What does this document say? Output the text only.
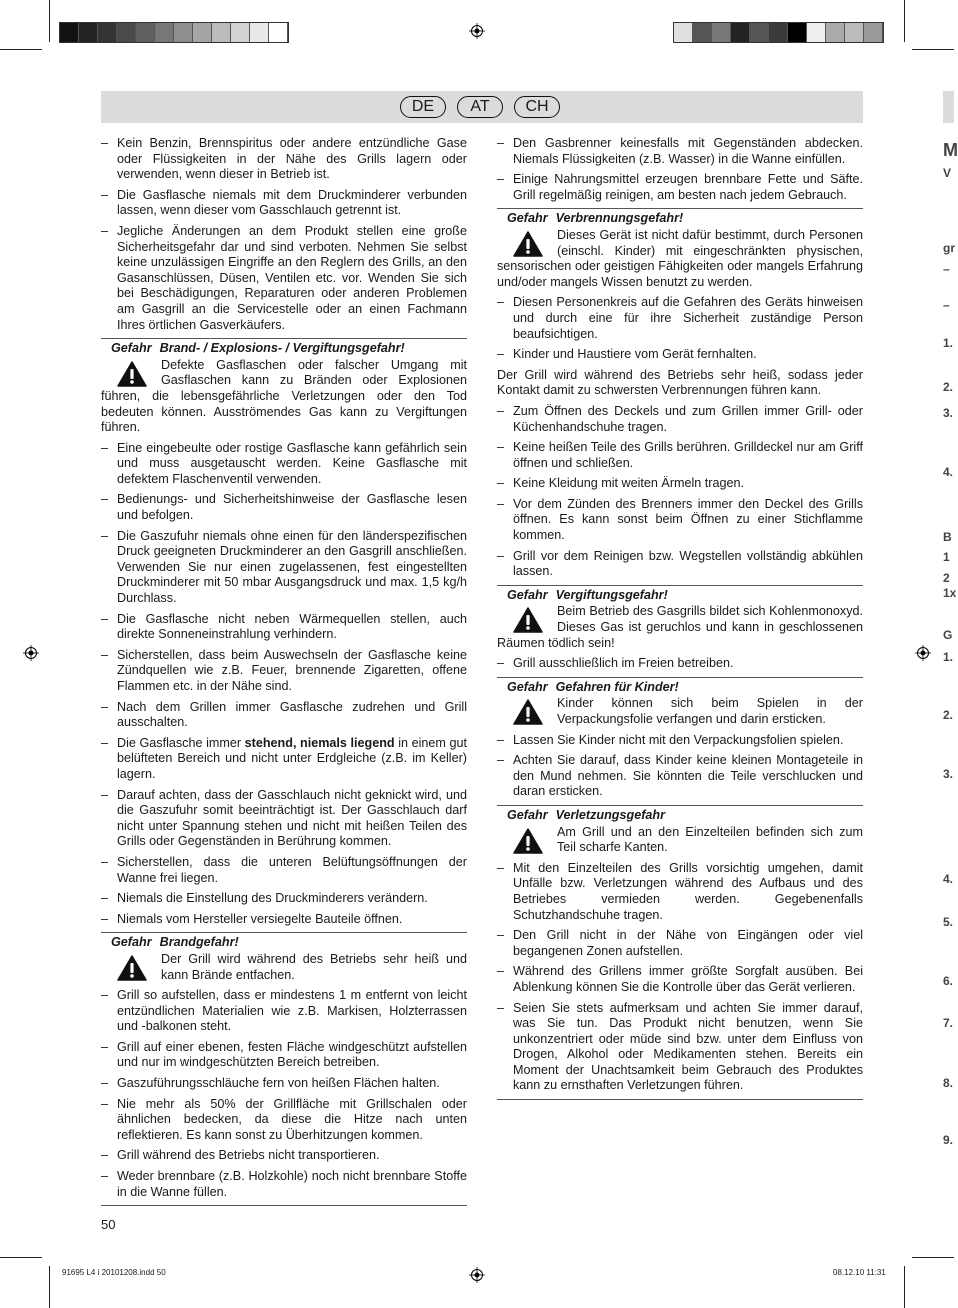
DE	AT	CH
– Kein Benzin, Brennspiritus oder andere entzündliche Gase oder Flüssigkeiten in der Nähe des Grills lagern oder verwenden, wenn dieser in Betrieb ist.
– Die Gasflasche niemals mit dem Druckminderer verbunden lassen, wenn dieser vom Gasschlauch getrennt ist.
– Jegliche Änderungen an dem Produkt stellen eine große Sicherheitsgefahr dar und sind verboten. Nehmen Sie selbst keine unzulässigen Eingriffe an den Reglern des Grills, an den Gasanschlüssen, Düsen, Ventilen etc. vor. Wenden Sie sich bei Beschädigungen, Reparaturen oder anderen Problemen am Gasgrill an die Servicestelle oder an einen Fachmann Ihres örtlichen Gasverkäufers.
Gefahr Brand- / Explosions- / Vergiftungsgefahr!
Defekte Gasflaschen oder falscher Umgang mit Gasflaschen kann zu Bränden oder Explosionen führen, die lebensgefährliche Verletzungen oder den Tod bedeuten können. Ausströmendes Gas kann zu Vergiftungen führen.
– Eine eingebeulte oder rostige Gasflasche kann gefährlich sein und muss ausgetauscht werden. Keine Gasflasche mit defektem Flaschenventil verwenden.
– Bedienungs- und Sicherheitshinweise der Gasflasche lesen und befolgen.
– Die Gaszufuhr niemals ohne einen für den länderspezifischen Druck geeigneten Druckminderer an den Gasgrill anschließen. Verwenden Sie nur einen zugelassenen, fest eingestellten Druckminderer mit 50 mbar Ausgangsdruck und max. 1,5 kg/h Durchlass.
– Die Gasflasche nicht neben Wärmequellen stellen, auch direkte Sonneneinstrahlung verhindern.
– Sicherstellen, dass beim Auswechseln der Gasflasche keine Zündquellen wie z.B. Feuer, brennende Zigaretten, offene Flammen etc. in der Nähe sind.
– Nach dem Grillen immer Gasflasche zudrehen und Grill ausschalten.
– Die Gasflasche immer stehend, niemals liegend in einem gut belüfteten Bereich und nicht unter Erdgleiche (z.B. im Keller) lagern.
– Darauf achten, dass der Gasschlauch nicht geknickt wird, und die Gaszufuhr somit beeinträchtigt ist. Der Gasschlauch darf nicht unter Spannung stehen und nicht mit heißen Teilen des Grills oder Gegenständen in Berührung kommen.
– Sicherstellen, dass die unteren Belüftungsöffnungen der Wanne frei liegen.
– Niemals die Einstellung des Druckminderers verändern.
– Niemals vom Hersteller versiegelte Bauteile öffnen.
Gefahr Brandgefahr!
Der Grill wird während des Betriebs sehr heiß und kann Brände entfachen.
– Grill so aufstellen, dass er mindestens 1 m entfernt von leicht entzündlichen Materialien wie z.B. Markisen, Holzterrassen und -balkonen steht.
– Grill auf einer ebenen, festen Fläche windgeschützt aufstellen und nur im windgeschützten Bereich betreiben.
– Gaszuführungsschläuche fern von heißen Flächen halten.
– Nie mehr als 50% der Grillfläche mit Grillschalen oder ähnlichen bedecken, da diese die Hitze nach unten reflektieren. Es kann sonst zu Überhitzungen kommen.
– Grill während des Betriebs nicht transportieren.
– Weder brennbare (z.B. Holzkohle) noch nicht brennbare Stoffe in die Wanne füllen.
– Den Gasbrenner keinesfalls mit Gegenständen abdecken. Niemals Flüssigkeiten (z.B. Wasser) in die Wanne einfüllen.
– Einige Nahrungsmittel erzeugen brennbare Fette und Säfte. Grill regelmäßig reinigen, am besten nach jedem Gebrauch.
Gefahr Verbrennungsgefahr!
Dieses Gerät ist nicht dafür bestimmt, durch Personen (einschl. Kinder) mit eingeschränkten physischen, sensorischen oder geistigen Fähigkeiten oder mangels Erfahrung und/oder mangels Wissen benutzt zu werden.
– Diesen Personenkreis auf die Gefahren des Geräts hinweisen und durch eine für ihre Sicherheit zuständige Person beaufsichtigen.
– Kinder und Haustiere vom Gerät fernhalten.
Der Grill wird während des Betriebs sehr heiß, sodass jeder Kontakt damit zu schwersten Verbrennungen führen kann.
– Zum Öffnen des Deckels und zum Grillen immer Grill- oder Küchenhandschuhe tragen.
– Keine heißen Teile des Grills berühren. Grilldeckel nur am Griff öffnen und schließen.
– Keine Kleidung mit weiten Ärmeln tragen.
– Vor dem Zünden des Brenners immer den Deckel des Grills öffnen. Es kann sonst beim Öffnen zu einer Stichflamme kommen.
– Grill vor dem Reinigen bzw. Wegstellen vollständig abkühlen lassen.
Gefahr Vergiftungsgefahr!
Beim Betrieb des Gasgrills bildet sich Kohlenmonoxyd. Dieses Gas ist geruchlos und kann in geschlossenen Räumen tödlich sein!
– Grill ausschließlich im Freien betreiben.
Gefahr Gefahren für Kinder!
Kinder können sich beim Spielen in der Verpackungsfolie verfangen und darin ersticken.
– Lassen Sie Kinder nicht mit den Verpackungsfolien spielen.
– Achten Sie darauf, dass Kinder keine kleinen Montageteile in den Mund nehmen. Sie könnten die Teile verschlucken und daran ersticken.
Gefahr Verletzungsgefahr
Am Grill und an den Einzelteilen befinden sich zum Teil scharfe Kanten.
– Mit den Einzelteilen des Grills vorsichtig umgehen, damit Unfälle bzw. Verletzungen während des Aufbaus und des Betriebes vermieden werden. Gegebenenfalls Schutzhandschuhe tragen.
– Den Grill nicht in der Nähe von Eingängen oder viel begangenen Zonen aufstellen.
– Während des Grillens immer größte Sorgfalt ausüben. Bei Ablenkung können Sie die Kontrolle über das Gerät verlieren.
– Seien Sie stets aufmerksam und achten Sie immer darauf, was Sie tun. Das Produkt nicht benutzen, wenn Sie unkonzentriert oder müde sind bzw. unter dem Einfluss von Drogen, Alkohol oder Medikamenten stehen. Bereits ein Moment der Unachtsamkeit beim Gebrauch des Produktes kann zu ernsthaften Verletzungen führen.
50
91695 L4 i 20101208.indd 50	08.12.10 11:31
M
V
gr
–
–
1.
2.
3.
4.
B
1
2
1x
G
1.
2.
3.
4.
5.
6.
7.
8.
9.
